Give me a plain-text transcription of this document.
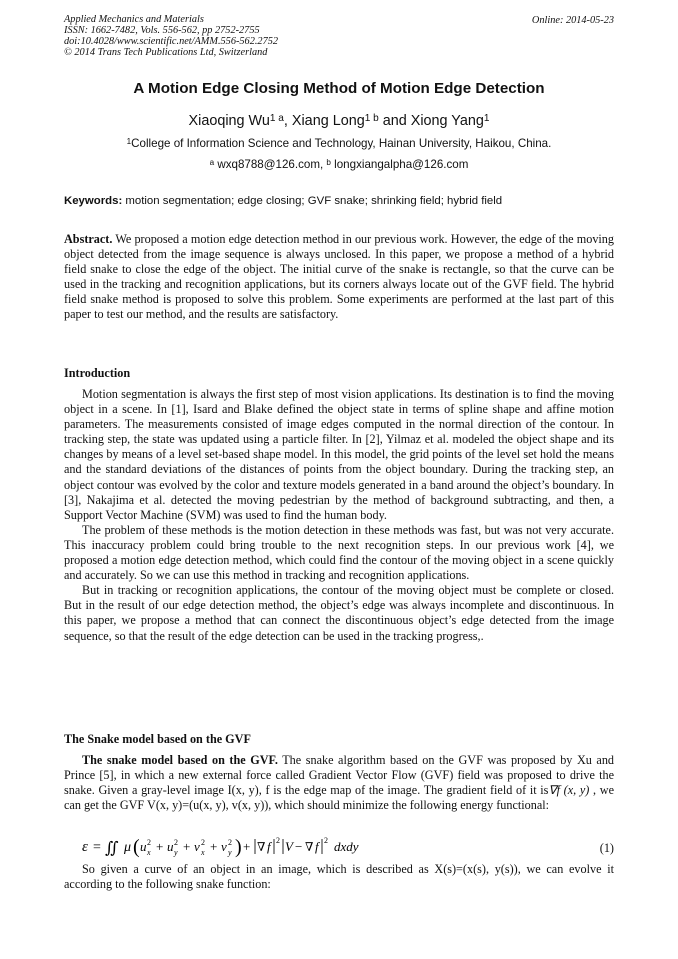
Applied Mechanics and Materials
ISSN: 1662-7482, Vols. 556-562, pp 2752-2755
doi:10.4028/www.scientific.net/AMM.556-562.2752
© 2014 Trans Tech Publications Ltd, Switzerland
Online: 2014-05-23
A Motion Edge Closing Method of Motion Edge Detection
Xiaoqing $Wu^{1 a}$, Xiang Long$^{1 b}$ and Xiong Yang$^1$
$^1$College of Information Science and Technology, Hainan University, Haikou, China.
$^a$ wxq8788@126.com, $^b$ longxiangalpha@126.com
Keywords: motion segmentation; edge closing; GVF snake; shrinking field; hybrid field
Abstract. We proposed a motion edge detection method in our previous work. However, the edge of the moving object detected from the image sequence is always unclosed. In this paper, we propose a method of a hybrid field snake to close the edge of the object. The initial curve of the snake is rectangle, so that the curve can be used in the tracking and recognition applications, but its corners always locate out of the GVF field. The hybrid field snake method is proposed to solve this problem. Some experiments are performed at the last part of this paper to test our method, and the results are satisfactory.
Introduction

Motion segmentation is always the first step of most vision applications. Its destination is to find the moving object in a scene. In [1], Isard and Blake defined the object state in terms of spline shape and affine motion parameters. The measurements consisted of image edges computed in the normal direction of the contour. In tracking step, the state was updated using a particle filter. In [2], Yilmaz et al. modeled the object shape and its changes by means of a level set-based shape model. In this model, the grid points of the level set hold the means and the standard deviations of the distances of points from the object boundary. During the tracking step, an object contour was evolved by the color and texture models generated in a band around the object’s boundary. In [3], Nakajima et al. detected the moving pedestrian by the method of background subtracting, and then, a Support Vector Machine (SVM) was used to find the human body.

The problem of these methods is the motion detection in these methods was fast, but was not very accurate. This inaccuracy problem could bring trouble to the next recognition steps. In our previous work [4], we proposed a motion edge detection method, which could find the contour of the moving object in a scene quickly and accurately. So we can use this method in tracking and recognition applications.

But in tracking or recognition applications, the contour of the moving object must be complete or closed. But in the result of our edge detection method, the object’s edge was always incomplete and discontinuous. In this paper, we propose a method that can connect the discontinuous object’s edge detected from the image sequence, so that the result of the edge detection can be used in the tracking progress,.

The Snake model based on the GVF

The snake model based on the GVF. The snake algorithm based on the GVF was proposed by Xu and Prince [5], in which a new external force called Gradient Vector Flow (GVF) field was proposed to drive the snake. Given a gray-level image I(x, y), f is the edge map of the image. The gradient field of it is∇f (x, y) , we can get the GVF V(x, y)=(u(x, y), v(x, y)), which should minimize the following energy functional:

ε = ∬ μ ( u 2
x + u 2
y + v 2
x + v 2
y ) + ∇ f 2 V − ∇ f 2 dxdy	(1)

So given a curve of an object in an image, which is described as X(s)=(x(s), y(s)), we can evolve it according to the following snake function:
